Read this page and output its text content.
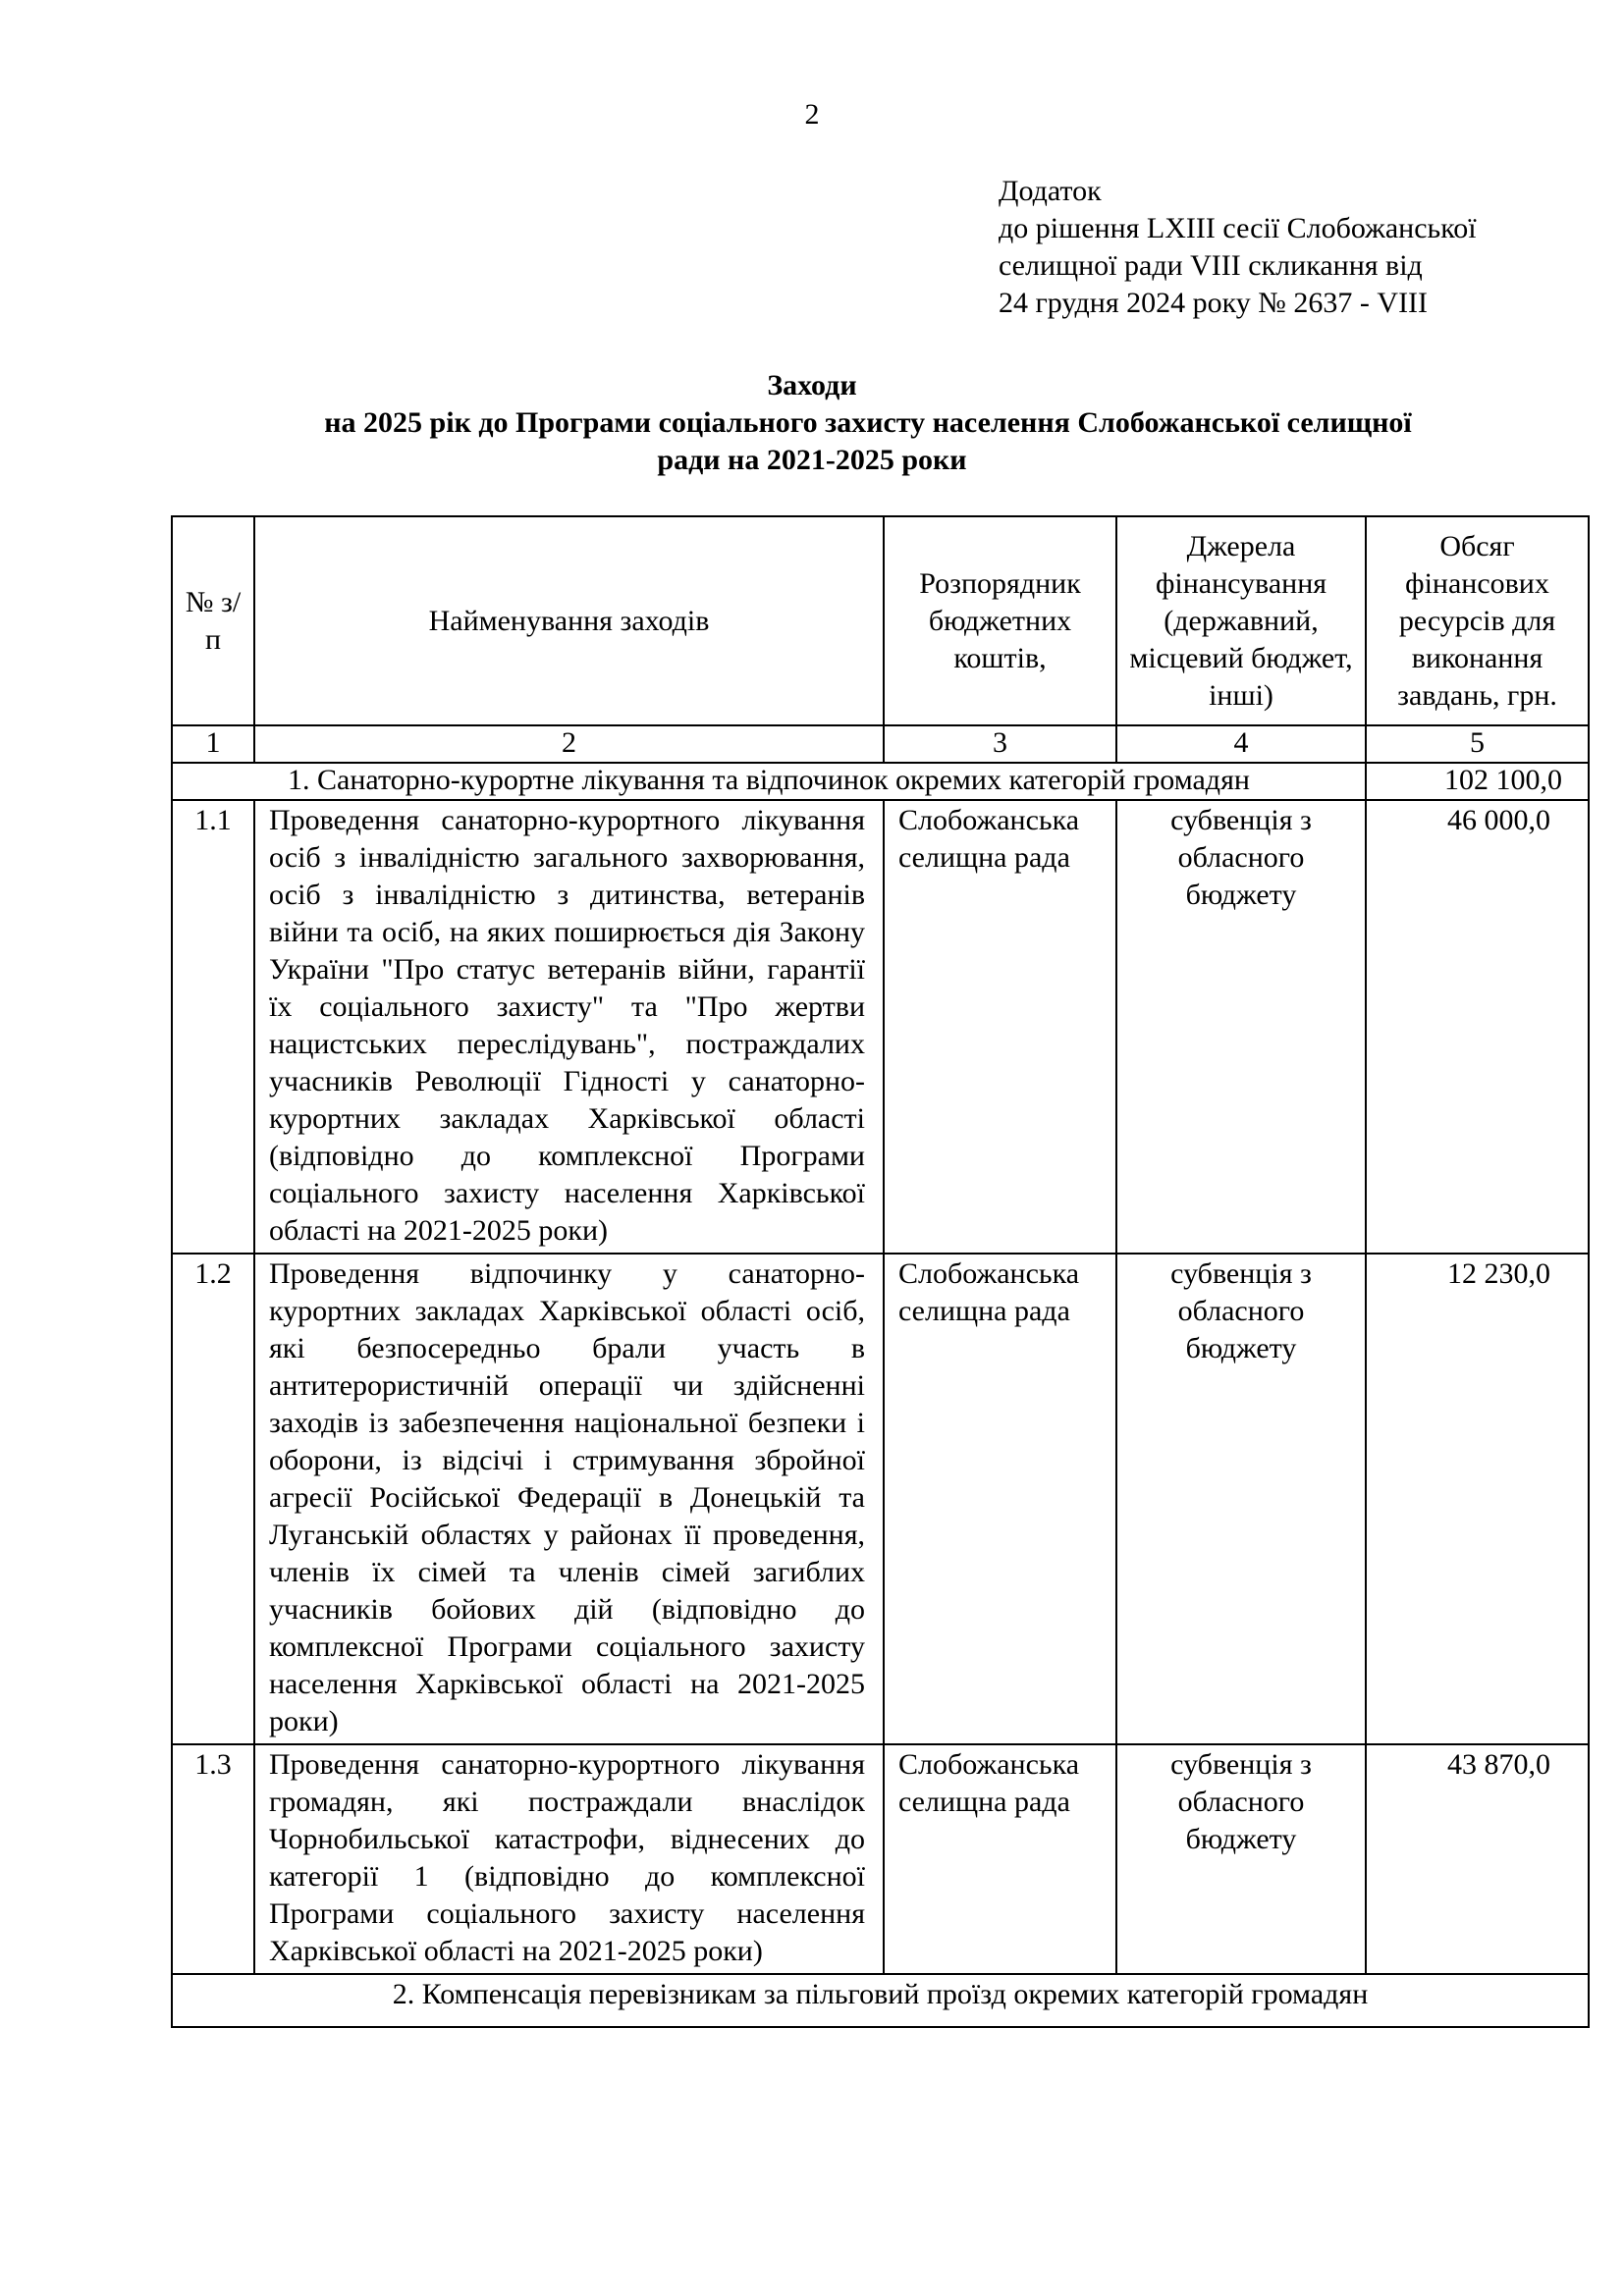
2
Додаток
до рішення LXIII сесії Слобожанської
селищної ради VIII скликання від
24 грудня 2024 року № 2637 - VIII
Заходи
на 2025 рік до Програми соціального захисту населення Слобожанської селищної
ради на 2021-2025 роки
№ з/п	Найменування заходів	Розпорядник бюджетних коштів,	Джерела фінансування (державний, місцевий бюджет, інші)	Обсяг фінансових ресурсів для виконання завдань, грн.
1	2	3	4	5
1. Санаторно-курортне лікування та відпочинок окремих категорій громадян				102 100,0
1.1	Проведення санаторно-курортного лікування осіб з інвалідністю загального захворювання, осіб з інвалідністю з дитинства, ветеранів війни та осіб, на яких поширюється дія Закону України "Про статус ветеранів війни, гарантії їх соціального захисту" та "Про жертви нацистських переслідувань", постраждалих учасників Революції Гідності у санаторно-курортних закладах Харківської області (відповідно до комплексної Програми соціального захисту населення Харківської області на 2021-2025 роки)	Слобожанська селищна рада	субвенція з обласного бюджету	46 000,0
1.2	Проведення відпочинку у санаторно-курортних закладах Харківської області осіб, які безпосередньо брали участь в антитерористичній операції чи здійсненні заходів із забезпечення національної безпеки і оборони, із відсічі і стримування збройної агресії Російської Федерації в Донецькій та Луганській областях у районах її проведення, членів їх сімей та членів сімей загиблих учасників бойових дій (відповідно до комплексної Програми соціального захисту населення Харківської області на 2021-2025 роки)	Слобожанська селищна рада	субвенція з обласного бюджету	12 230,0
1.3	Проведення санаторно-курортного лікування громадян, які постраждали внаслідок Чорнобильської катастрофи, віднесених до категорії 1 (відповідно до комплексної Програми соціального захисту населення Харківської області на 2021-2025 роки)	Слобожанська селищна рада	субвенція з обласного бюджету	43 870,0
2. Компенсація перевізникам за пільговий проїзд окремих категорій громадян				
